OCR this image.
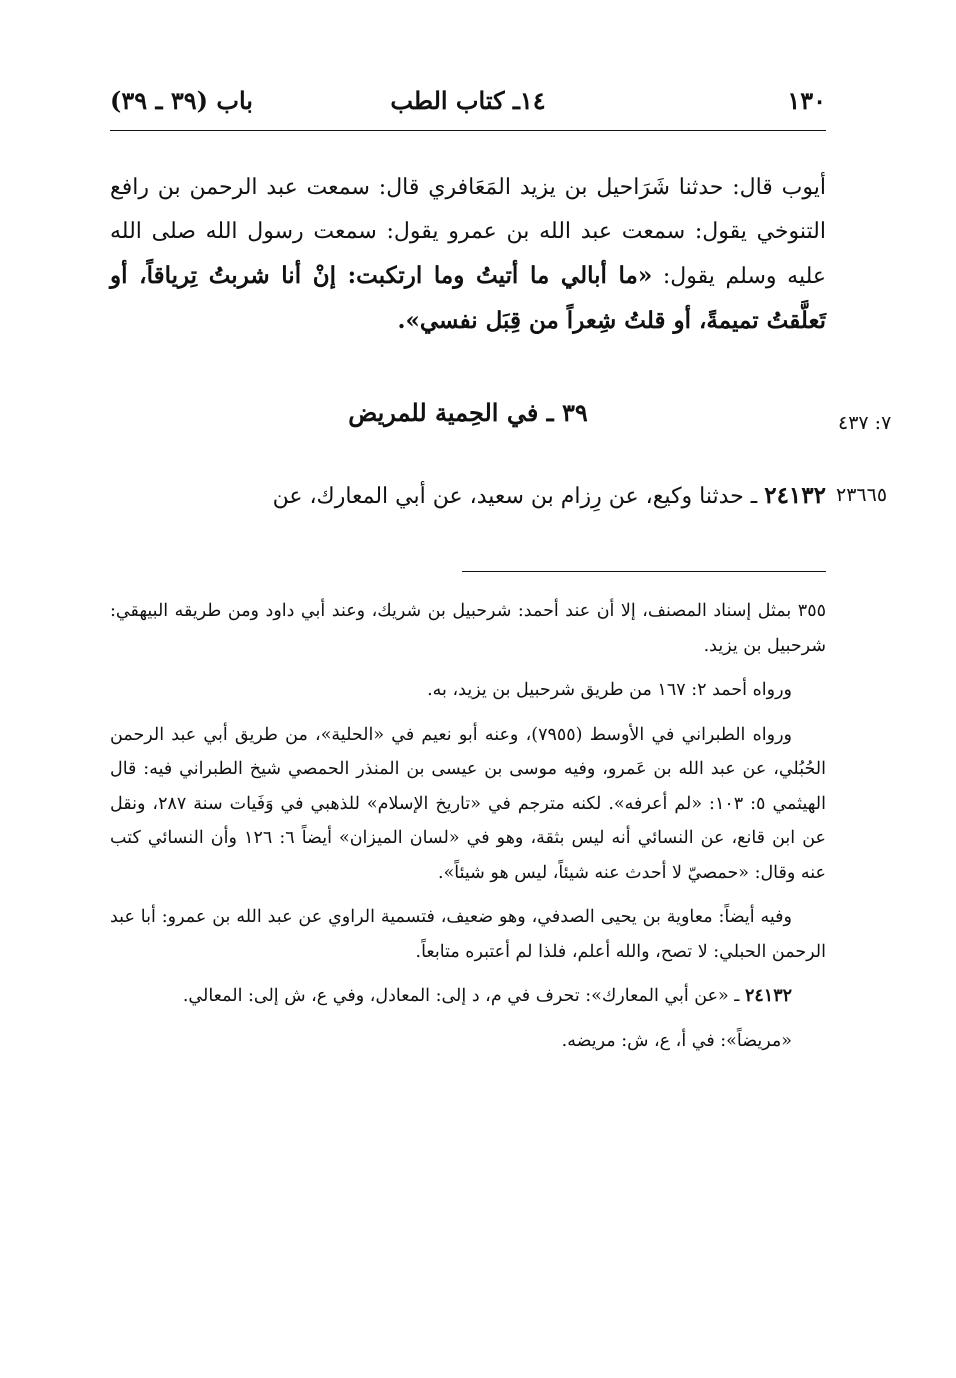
١٣٠
١٤ـ كتاب الطب
باب (٣٩ ـ ٣٩)
أيوب قال: حدثنا شَرَاحيل بن يزيد المَعَافري قال: سمعت عبد الرحمن بن رافع التنوخي يقول: سمعت عبد الله بن عمرو يقول: سمعت رسول الله صلى الله عليه وسلم يقول: «ما أبالي ما أتيتُ وما ارتكبت: إنْ أنا شربتُ تِرياقاً، أو تَعلَّقتُ تميمةً، أو قلتُ شِعراً من قِبَل نفسي».
٧: ٤٣٧
٣٩ ـ في الحِمية للمريض
٢٣٦٦٥
٢٤١٣٢ ـ حدثنا وكيع، عن رِزام بن سعيد، عن أبي المعارك، عن

٣٥٥ بمثل إسناد المصنف، إلا أن عند أحمد: شرحبيل بن شريك، وعند أبي داود ومن طريقه البيهقي: شرحبيل بن يزيد.

ورواه أحمد ٢: ١٦٧ من طريق شرحبيل بن يزيد، به.

ورواه الطبراني في الأوسط (٧٩٥٥)، وعنه أبو نعيم في «الحلية»، من طريق أبي عبد الرحمن الحُبُلي، عن عبد الله بن عَمرو، وفيه موسى بن عيسى بن المنذر الحمصي شيخ الطبراني فيه: قال الهيثمي ٥: ١٠٣: «لم أعرفه». لكنه مترجم في «تاريخ الإسلام» للذهبي في وَفَيات سنة ٢٨٧، ونقل عن ابن قانع، عن النسائي أنه ليس بثقة، وهو في «لسان الميزان» أيضاً ٦: ١٢٦ وأن النسائي كتب عنه وقال: «حمصيّ لا أحدث عنه شيئاً، ليس هو شيئاً».

وفيه أيضاً: معاوية بن يحيى الصدفي، وهو ضعيف، فتسمية الراوي عن عبد الله بن عمرو: أبا عبد الرحمن الحبلي: لا تصح، والله أعلم، فلذا لم أعتبره متابعاً.

٢٤١٣٢ ـ «عن أبي المعارك»: تحرف في م، د إلى: المعادل، وفي ع، ش إلى: المعالي.

«مريضاً»: في أ، ع، ش: مريضه.
